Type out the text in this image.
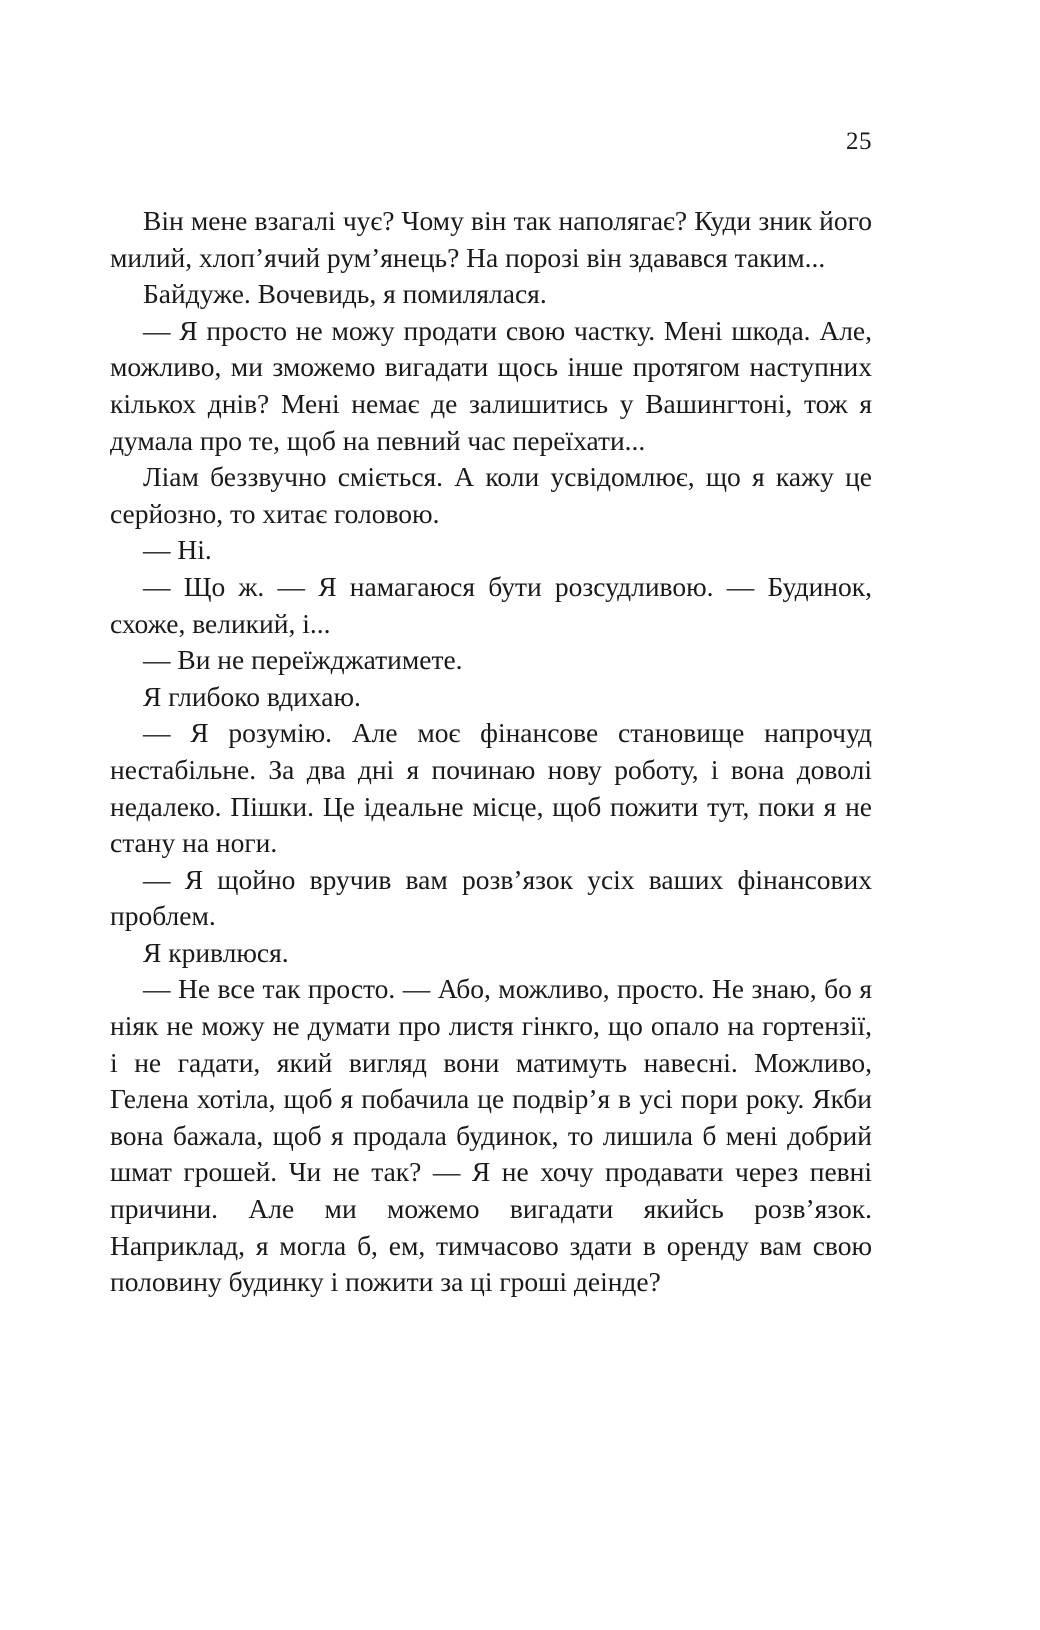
25

Він мене взагалі чує? Чому він так наполягає? Куди зник його милий, хлоп’ячий рум’янець? На порозі він здавався таким...

Байдуже. Вочевидь, я помилялася.

— Я просто не можу продати свою частку. Мені шкода. Але, можливо, ми зможемо вигадати щось інше протягом наступних кількох днів? Мені немає де залишитись у Вашингтоні, тож я думала про те, щоб на певний час переїхати...

Ліам беззвучно сміється. А коли усвідомлює, що я кажу це серйозно, то хитає головою.

— Ні.

— Що ж. — Я намагаюся бути розсудливою. — Будинок, схоже, великий, і...

— Ви не переїжджатимете.

Я глибоко вдихаю.

— Я розумію. Але моє фінансове становище напрочуд нестабільне. За два дні я починаю нову роботу, і вона доволі недалеко. Пішки. Це ідеальне місце, щоб пожити тут, поки я не стану на ноги.

— Я щойно вручив вам розв’язок усіх ваших фінансових проблем.

Я кривлюся.

— Не все так просто. — Або, можливо, просто. Не знаю, бо я ніяк не можу не думати про листя гінкго, що опало на гортензії, і не гадати, який вигляд вони матимуть навесні. Можливо, Гелена хотіла, щоб я побачила це подвір’я в усі пори року. Якби вона бажала, щоб я продала будинок, то лишила б мені добрий шмат грошей. Чи не так? — Я не хочу продавати через певні причини. Але ми можемо вигадати якийсь розв’язок. Наприклад, я могла б, ем, тимчасово здати в оренду вам свою половину будинку і пожити за ці гроші деінде?
